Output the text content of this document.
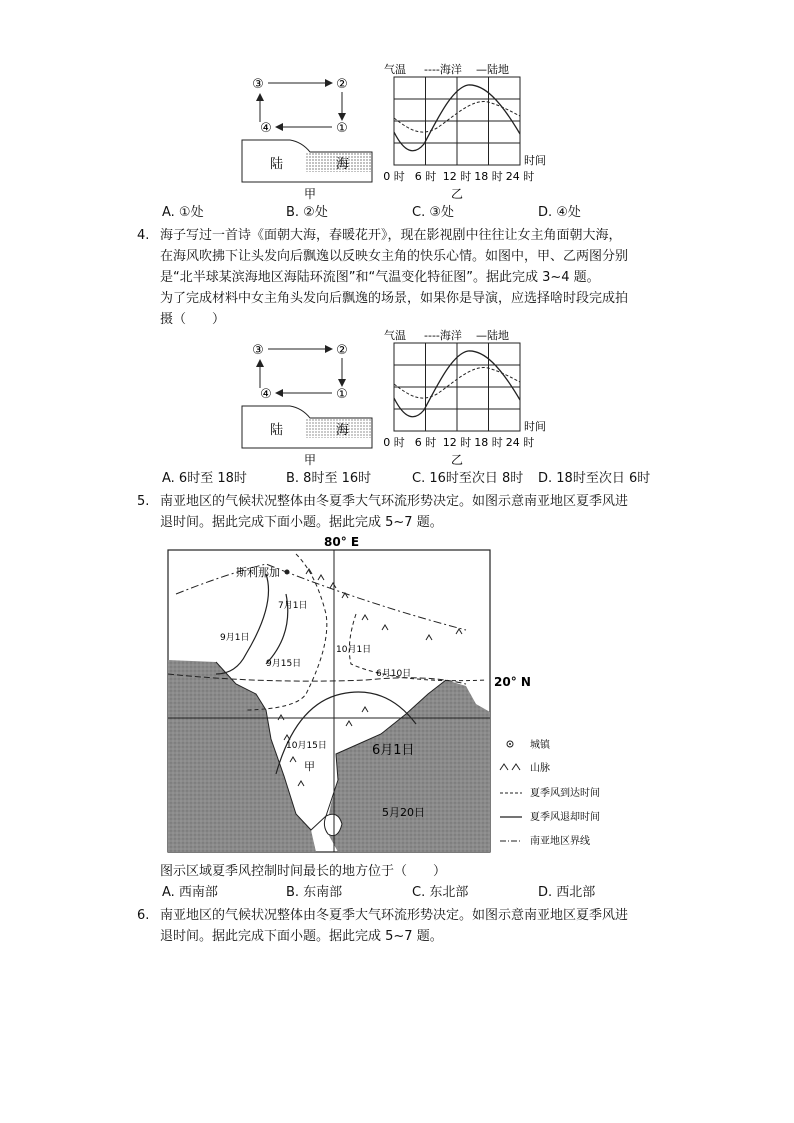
③	②
④	①
陆	海
甲
气温 ----海洋 —陆地
时间
0 时 6 时 12 时 18 时 24 时
乙
A. ①处	B. ②处	C. ③处	D. ④处
4. 海子写过一首诗《面朝大海，春暖花开》，现在影视剧中往往让女主角面朝大海，
在海风吹拂下让头发向后飘逸以反映女主角的快乐心情。如图中，甲、乙两图分别
是“北半球某滨海地区海陆环流图”和“气温变化特征图”。据此完成 3~4 题。
为了完成材料中女主角头发向后飘逸的场景，如果你是导演，应选择啥时段完成拍
摄（　　）
③	②
④	①
陆	海
甲
气温 ----海洋 —陆地
时间
0 时 6 时 12 时 18 时 24 时
乙
A. 6时至 18时	B. 8时至 16时	C. 16时至次日 8时 D. 18时至次日 6时
5. 南亚地区的气候状况整体由冬夏季大气环流形势决定。如图示意南亚地区夏季风进
退时间。据此完成下面小题。据此完成 5~7 题。
80° E
斯利那加
7月1日
9月1日
9月15日
10月1日
6月10日
10月15日	6月1日
5月20日
甲
20° N
城镇
山脉
夏季风到达时间
夏季风退却时间
南亚地区界线
图示区域夏季风控制时间最长的地方位于（　　）
A. 西南部	B. 东南部	C. 东北部	D. 西北部
6. 南亚地区的气候状况整体由冬夏季大气环流形势决定。如图示意南亚地区夏季风进
退时间。据此完成下面小题。据此完成 5~7 题。
